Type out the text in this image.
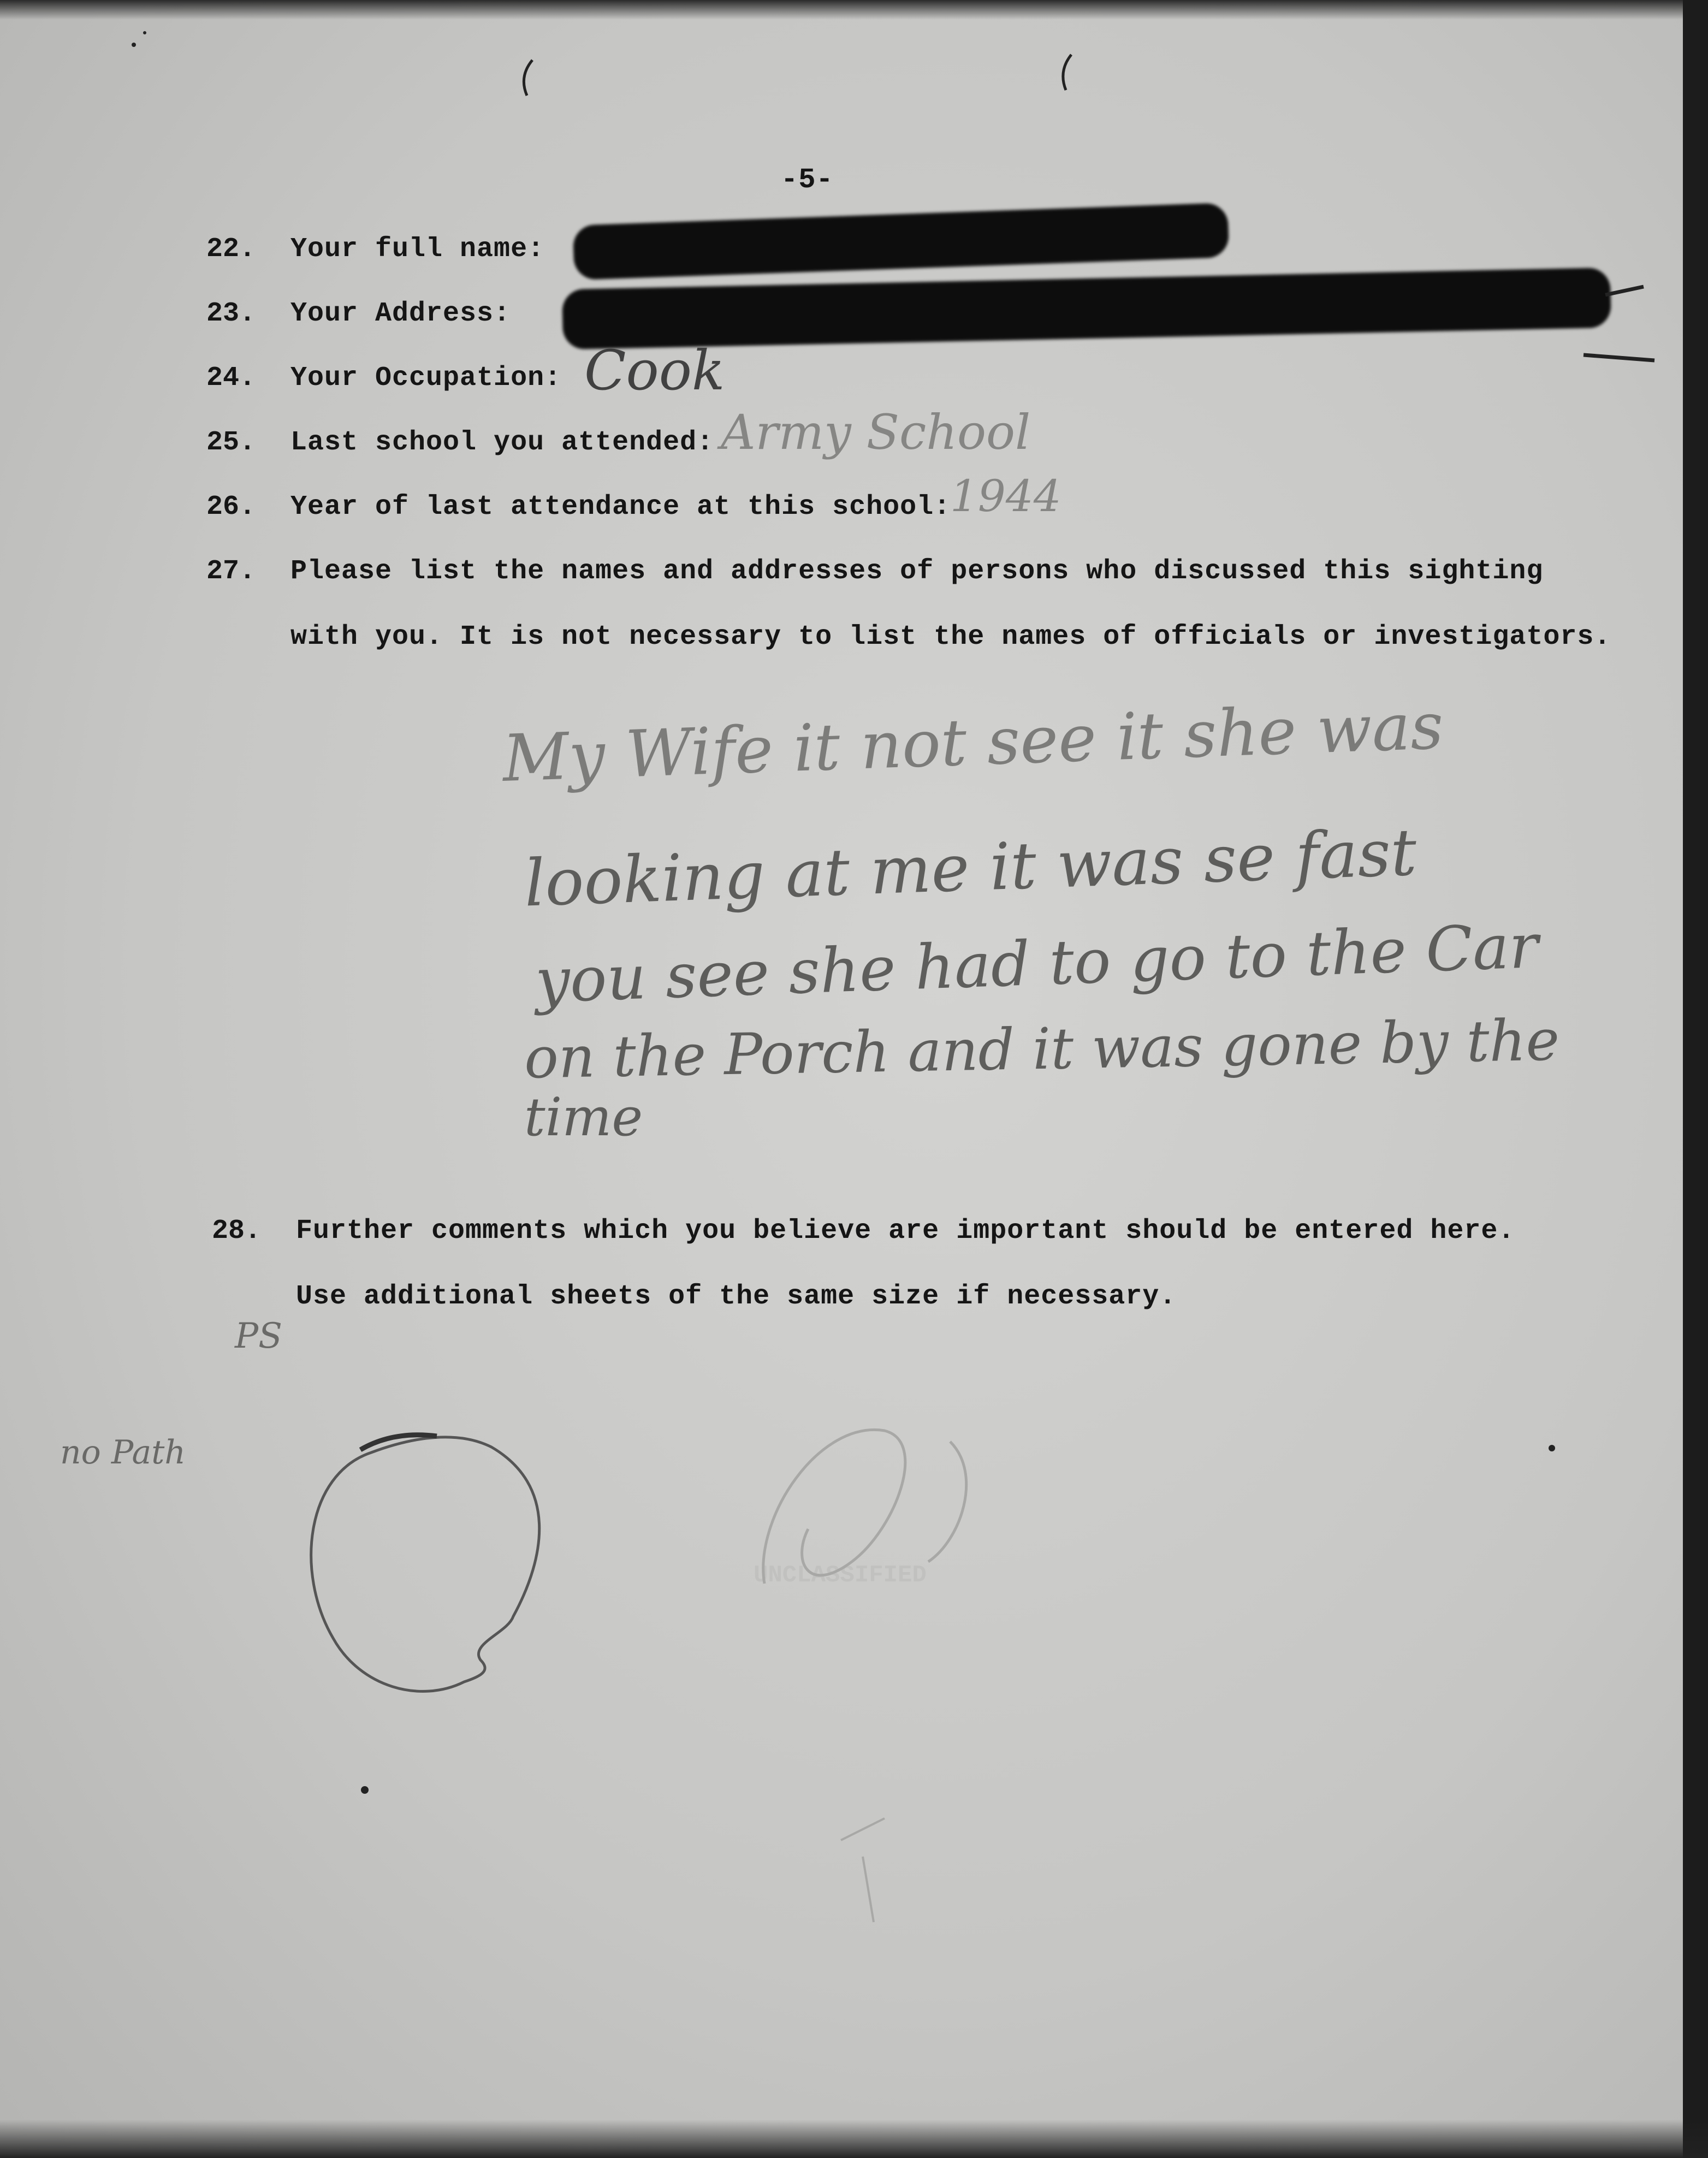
UNCLASSIFIED
-5-
22. Your full name:
23. Your Address:
24. Your Occupation: Cook
25. Last school you attended: Army School
26. Year of last attendance at this school:
1944
27. Please list the names and addresses of persons who discussed this sighting
with you. It is not necessary to list the names of officials or investigators.
My Wife it not see it she was
looking at me it was se fast
you see she had to go to the Car
on the Porch and it was gone by the
time
28. Further comments which you believe are important should be entered here.
Use additional sheets of the same size if necessary.
PS
no Path
